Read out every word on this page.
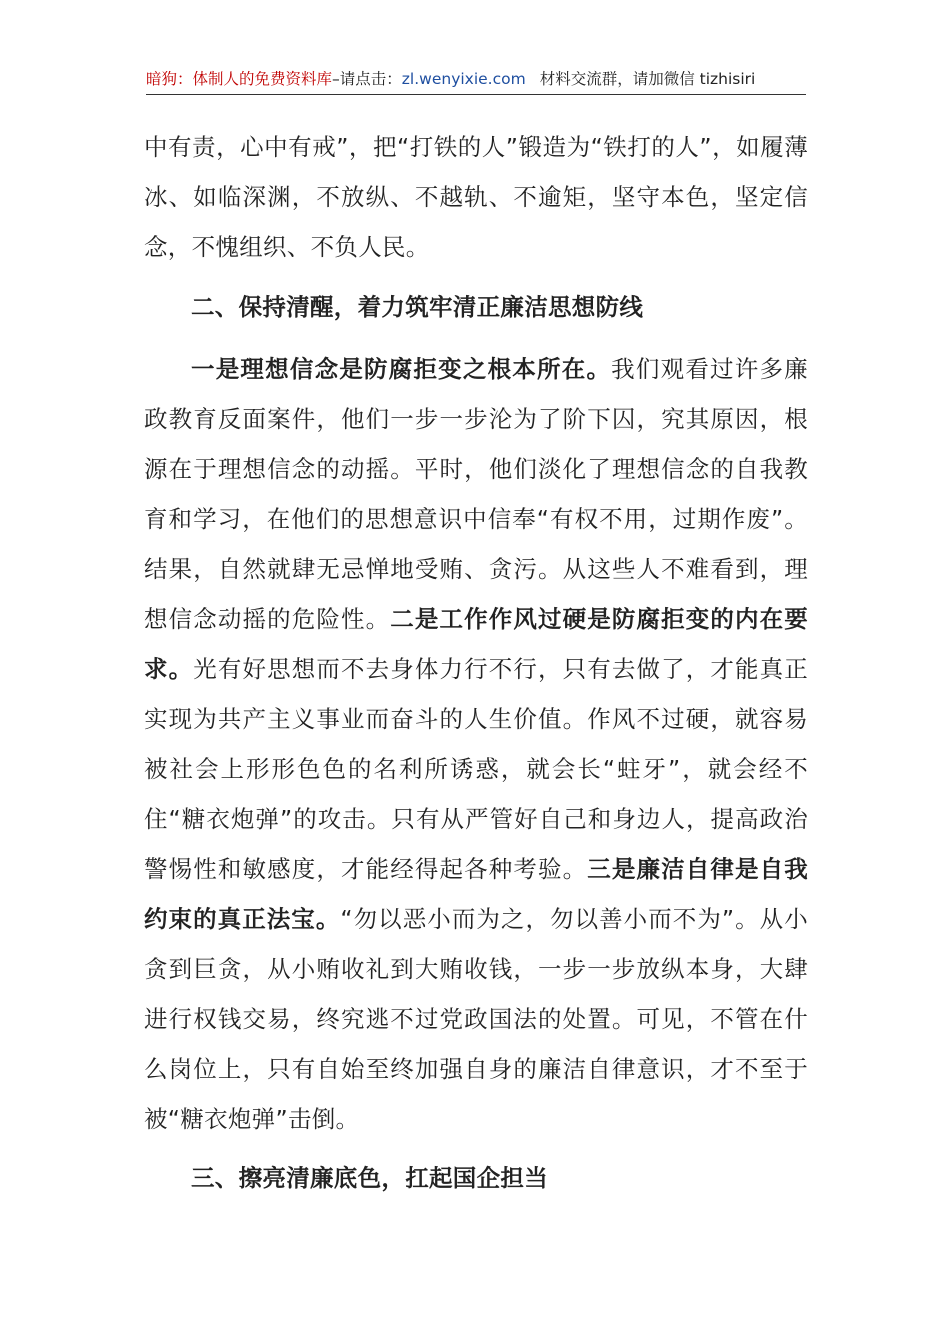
暗狗：体制人的免费资料库–请点击：zl.wenyixie.com 材料交流群，请加微信 tizhisiri

中有责，心中有戒”，把“打铁的人”锻造为“铁打的人”，如履薄冰、如临深渊，不放纵、不越轨、不逾矩，坚守本色，坚定信念，不愧组织、不负人民。

二、保持清醒，着力筑牢清正廉洁思想防线

一是理想信念是防腐拒变之根本所在。我们观看过许多廉政教育反面案件，他们一步一步沦为了阶下囚，究其原因，根源在于理想信念的动摇。平时，他们淡化了理想信念的自我教育和学习，在他们的思想意识中信奉“有权不用，过期作废”。结果，自然就肆无忌惮地受贿、贪污。从这些人不难看到，理想信念动摇的危险性。二是工作作风过硬是防腐拒变的内在要求。光有好思想而不去身体力行不行，只有去做了，才能真正实现为共产主义事业而奋斗的人生价值。作风不过硬，就容易被社会上形形色色的名利所诱惑，就会长“蛀牙”，就会经不住“糖衣炮弹”的攻击。只有从严管好自己和身边人，提高政治警惕性和敏感度，才能经得起各种考验。三是廉洁自律是自我约束的真正法宝。“勿以恶小而为之，勿以善小而不为”。从小贪到巨贪，从小贿收礼到大贿收钱，一步一步放纵本身，大肆进行权钱交易，终究逃不过党政国法的处置。可见，不管在什么岗位上，只有自始至终加强自身的廉洁自律意识，才不至于被“糖衣炮弹”击倒。

三、擦亮清廉底色，扛起国企担当
